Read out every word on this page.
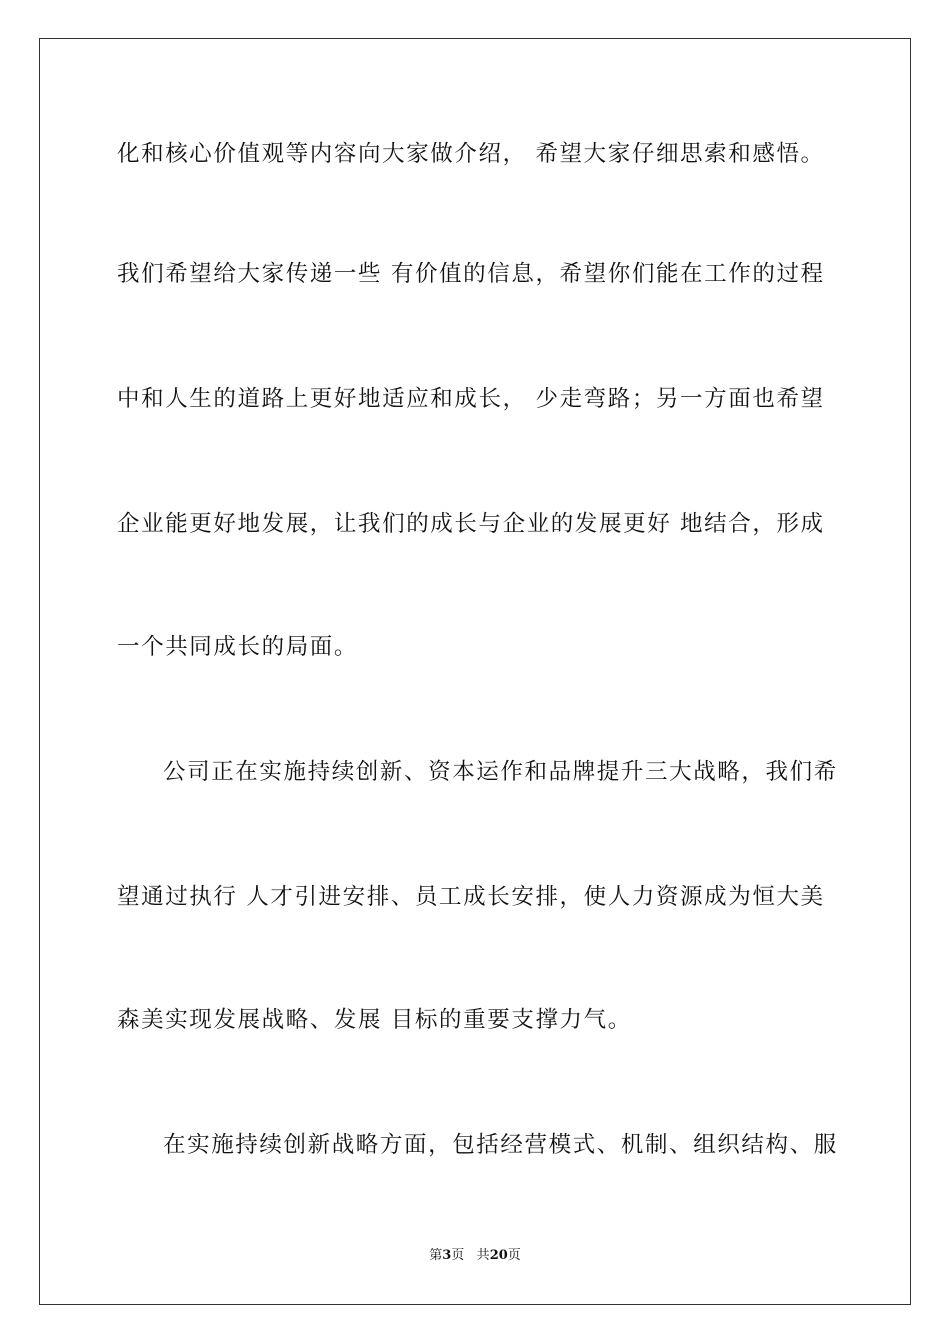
化和核心价值观等内容向大家做介绍， 希望大家仔细思索和感悟。
我们希望给大家传递一些 有价值的信息，希望你们能在工作的过程
中和人生的道路上更好地适应和成长， 少走弯路；另一方面也希望
企业能更好地发展，让我们的成长与企业的发展更好 地结合，形成
一个共同成长的局面。
公司正在实施持续创新、资本运作和品牌提升三大战略，我们希
望通过执行 人才引进安排、员工成长安排，使人力资源成为恒大美
森美实现发展战略、发展 目标的重要支撑力气。
在实施持续创新战略方面，包括经营模式、机制、组织结构、服
第3页 共20页
